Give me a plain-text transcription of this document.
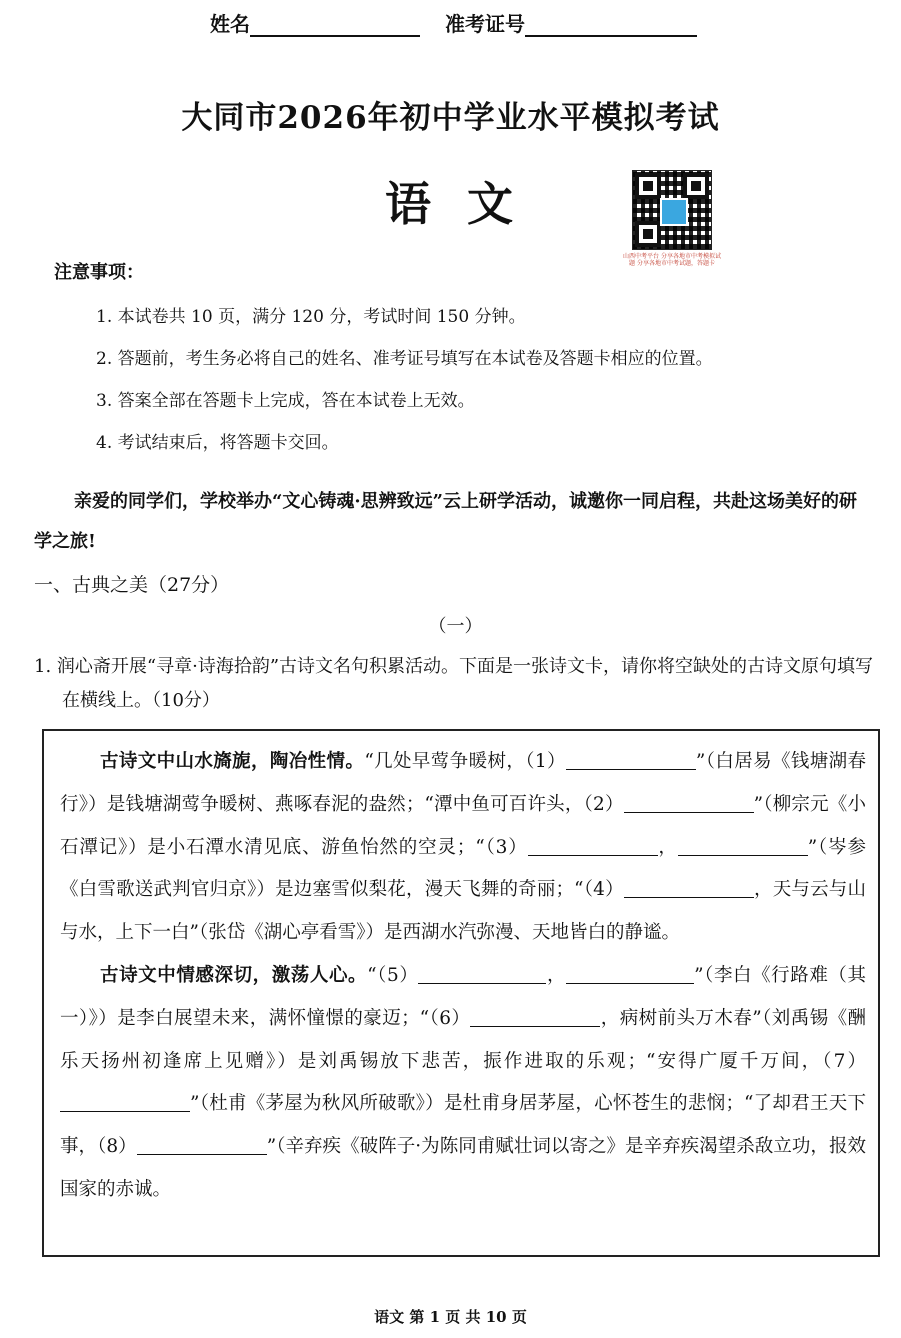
姓名	准考证号
大同市2026年初中学业水平模拟考试
语文
山西中考平台 分享各地市中考模拟试题 分享各地市中考试题，答题卡
注意事项：
1. 本试卷共 10 页，满分 120 分，考试时间 150 分钟。
2. 答题前，考生务必将自己的姓名、准考证号填写在本试卷及答题卡相应的位置。
3. 答案全部在答题卡上完成，答在本试卷上无效。
4. 考试结束后，将答题卡交回。
亲爱的同学们，学校举办“文心铸魂·思辨致远”云上研学活动，诚邀你一同启程，共赴这场美好的研学之旅!
一、古典之美（27分）
（一）
1. 润心斋开展“寻章·诗海拾韵”古诗文名句积累活动。下面是一张诗文卡，请你将空缺处的古诗文原句填写在横线上。（10分）
古诗文中山水旖旎，陶冶性情。“几处早莺争暖树，（1）	”（白居易《钱塘湖春行》）是钱塘湖莺争暖树、燕啄春泥的盎然；“潭中鱼可百许头，（2）	”（柳宗元《小石潭记》）是小石潭水清见底、游鱼怡然的空灵；“（3）	，	”（岑参《白雪歌送武判官归京》）是边塞雪似梨花，漫天飞舞的奇丽；“（4）	，天与云与山与水，上下一白”（张岱《湖心亭看雪》）是西湖水汽弥漫、天地皆白的静谧。
古诗文中情感深切，激荡人心。“（5）	，	”（李白《行路难（其一）》）是李白展望未来，满怀憧憬的豪迈；“（6）	，病树前头万木春”（刘禹锡《酬乐天扬州初逢席上见赠》）是刘禹锡放下悲苦，振作进取的乐观；“安得广厦千万间，（7）”（杜甫《茅屋为秋风所破歌》）是杜甫身居茅屋，心怀苍生的悲悯；“了却君王天下事，（8）	”（辛弃疾《破阵子·为陈同甫赋壮词以寄之》是辛弃疾渴望杀敌立功，报效国家的赤诚。
语文 第 1 页 共 10 页
